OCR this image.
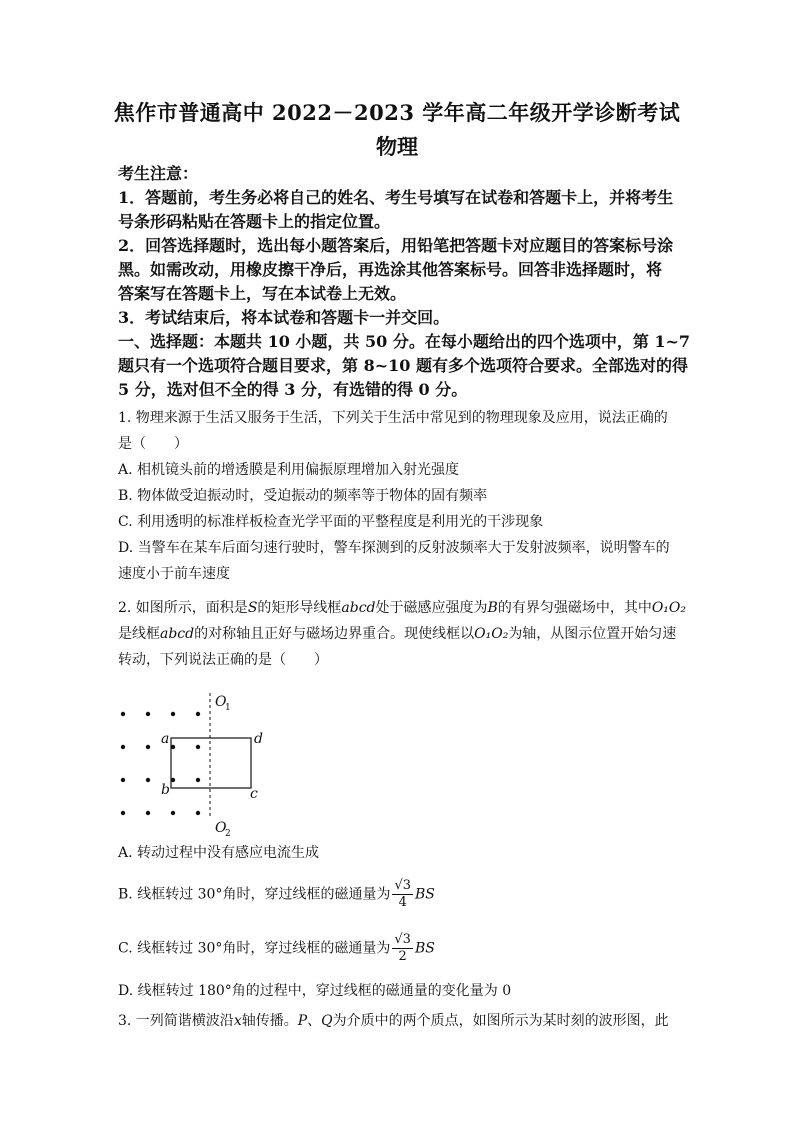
焦作市普通高中 2022－2023 学年高二年级开学诊断考试
物理
考生注意：
1．答题前，考生务必将自己的姓名、考生号填写在试卷和答题卡上，并将考生
号条形码粘贴在答题卡上的指定位置。
2．回答选择题时，选出每小题答案后，用铅笔把答题卡对应题目的答案标号涂
黑。如需改动，用橡皮擦干净后，再选涂其他答案标号。回答非选择题时，将
答案写在答题卡上，写在本试卷上无效。
3．考试结束后，将本试卷和答题卡一并交回。
一、选择题：本题共 10 小题，共 50 分。在每小题给出的四个选项中，第 1~7
题只有一个选项符合题目要求，第 8~10 题有多个选项符合要求。全部选对的得
5 分，选对但不全的得 3 分，有选错的得 0 分。
1. 物理来源于生活又服务于生活，下列关于生活中常见到的物理现象及应用，说法正确的
是（　　）
A. 相机镜头前的增透膜是利用偏振原理增加入射光强度
B. 物体做受迫振动时，受迫振动的频率等于物体的固有频率
C. 利用透明的标准样板检查光学平面的平整程度是利用光的干涉现象
D. 当警车在某车后面匀速行驶时，警车探测到的反射波频率大于发射波频率，说明警车的
速度小于前车速度
2. 如图所示，面积是S的矩形导线框abcd处于磁感应强度为B的有界匀强磁场中，其中O₁O₂
是线框abcd的对称轴且正好与磁场边界重合。现使线框以O₁O₂为轴，从图示位置开始匀速
转动，下列说法正确的是（　　）
O
1
O
2
a
b	c
d
A. 转动过程中没有感应电流生成
B. 线框转过 30°角时，穿过线框的磁通量为 $\frac{√3}{4}$ BS
C. 线框转过 30°角时，穿过线框的磁通量为 $\frac{√3}{2}$ BS
D. 线框转过 180°角的过程中，穿过线框的磁通量的变化量为 0
3. 一列简谐横波沿x轴传播。P、Q为介质中的两个质点，如图所示为某时刻的波形图，此
